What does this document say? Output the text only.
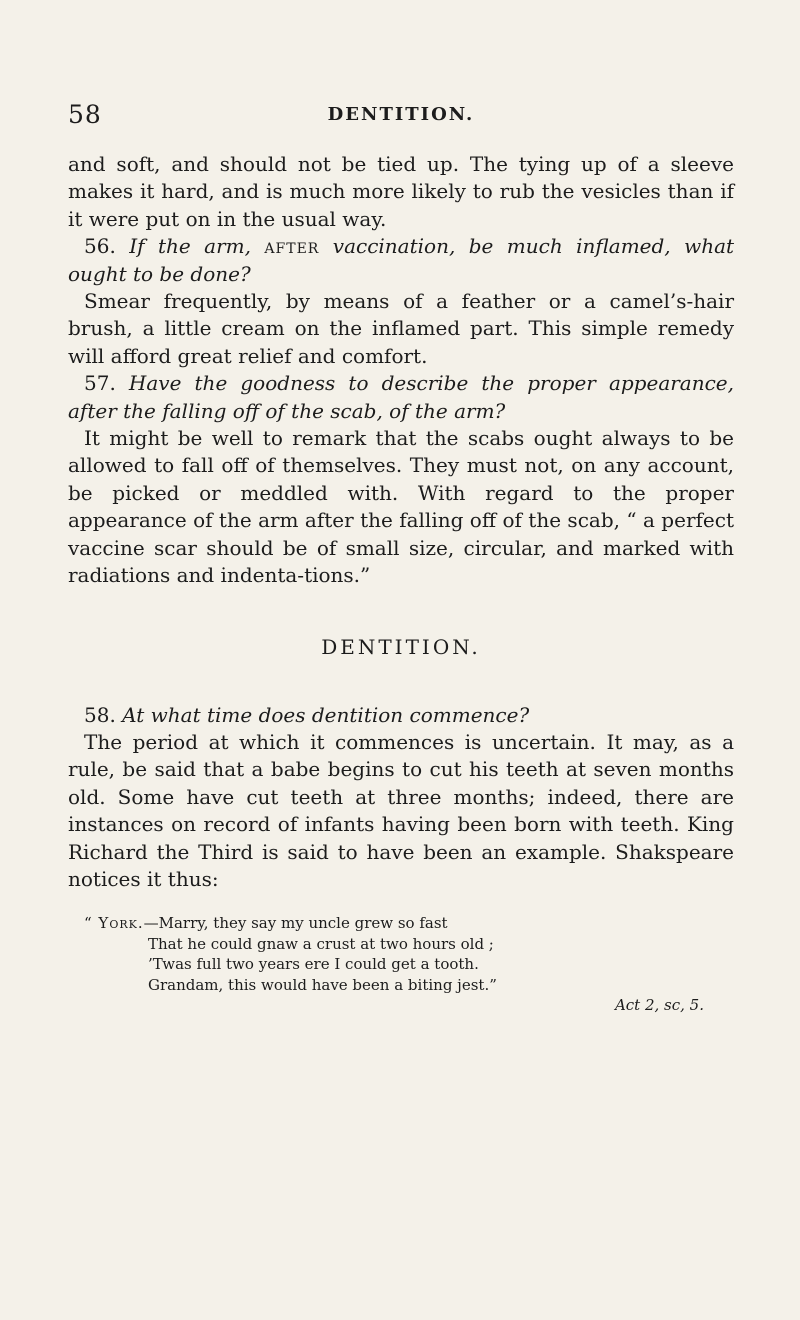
58	DENTITION.

and soft, and should not be tied up. The tying up of a sleeve makes it hard, and is much more likely to rub the vesicles than if it were put on in the usual way.

56. If the arm, after vaccination, be much inflamed, what ought to be done?

Smear frequently, by means of a feather or a camel’s-hair brush, a little cream on the inflamed part. This simple remedy will afford great relief and comfort.

57. Have the goodness to describe the proper appearance, after the falling off of the scab, of the arm?

It might be well to remark that the scabs ought always to be allowed to fall off of themselves. They must not, on any account, be picked or meddled with. With regard to the proper appearance of the arm after the falling off of the scab, “ a perfect vaccine scar should be of small size, circular, and marked with radiations and indenta-tions.”

DENTITION.

58. At what time does dentition commence?

The period at which it commences is uncertain. It may, as a rule, be said that a babe begins to cut his teeth at seven months old. Some have cut teeth at three months; indeed, there are instances on record of infants having been born with teeth. King Richard the Third is said to have been an example. Shakspeare notices it thus:

“ York.—Marry, they say my uncle grew so fast
That he could gnaw a crust at two hours old ;
’Twas full two years ere I could get a tooth.
Grandam, this would have been a biting jest.”
Act 2, sc, 5.
